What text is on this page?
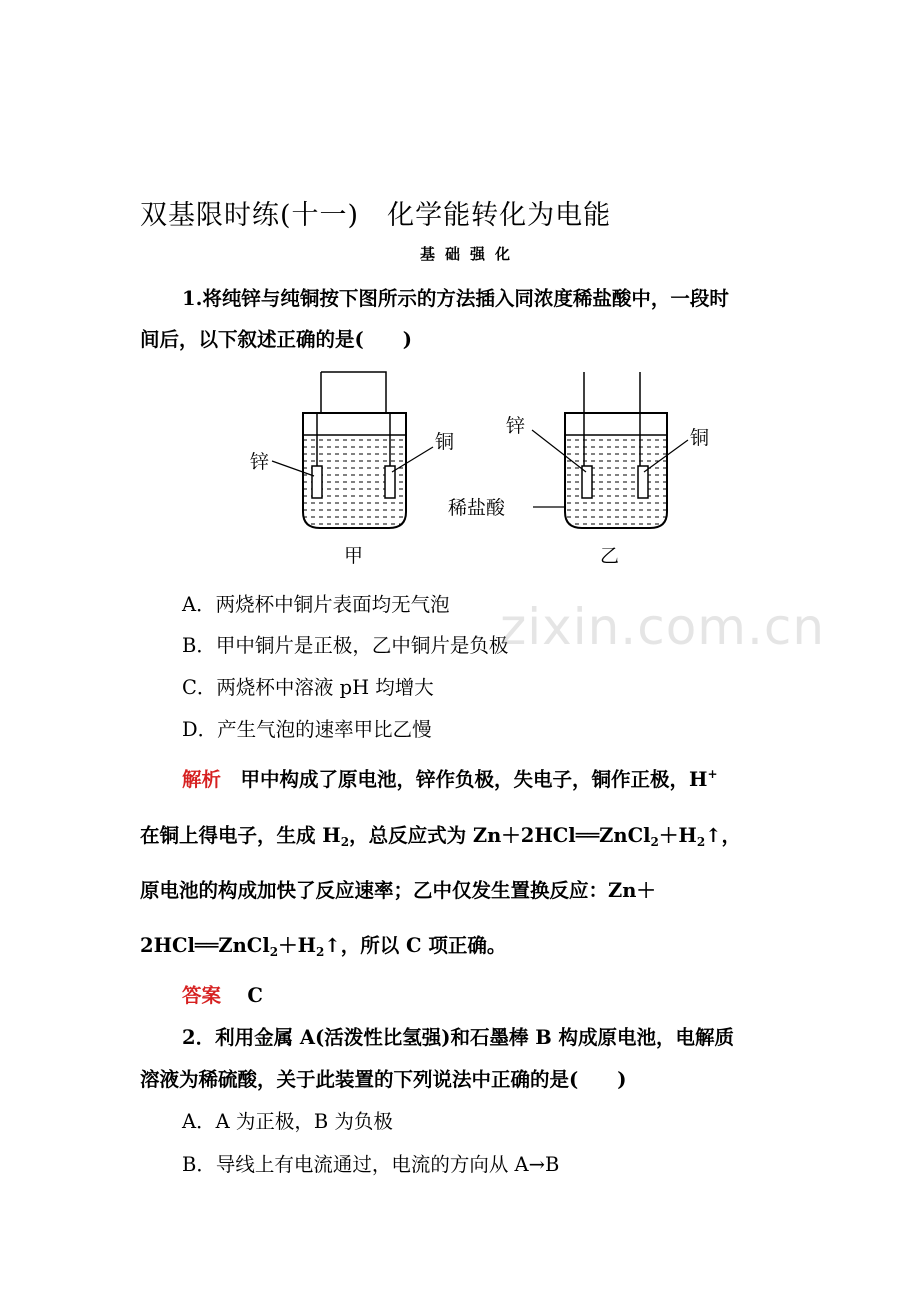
双基限时练(十一)　化学能转化为电能
基础强化
1.将纯锌与纯铜按下图所示的方法插入同浓度稀盐酸中，一段时
间后，以下叙述正确的是(　　)
锌
铜
锌
铜
稀盐酸
甲	乙
A．两烧杯中铜片表面均无气泡
B．甲中铜片是正极，乙中铜片是负极
C．两烧杯中溶液 pH 均增大
D．产生气泡的速率甲比乙慢
zixin.com.cn
解析　 甲中构成了原电池，锌作负极，失电子，铜作正极，H+
在铜上得电子，生成 $H_2$，总反应式为 $Zn+2HCl══ZnCl_2+H_2↑$，
原电池的构成加快了反应速率；乙中仅发生置换反应：Zn＋
$2HCl══ZnCl_2+H_2↑$，所以 C 项正确。
答案　 C
2．利用金属 A(活泼性比氢强)和石墨棒 B 构成原电池，电解质
溶液为稀硫酸，关于此装置的下列说法中正确的是(　　)
A．A 为正极，B 为负极
B．导线上有电流通过，电流的方向从 A→B
